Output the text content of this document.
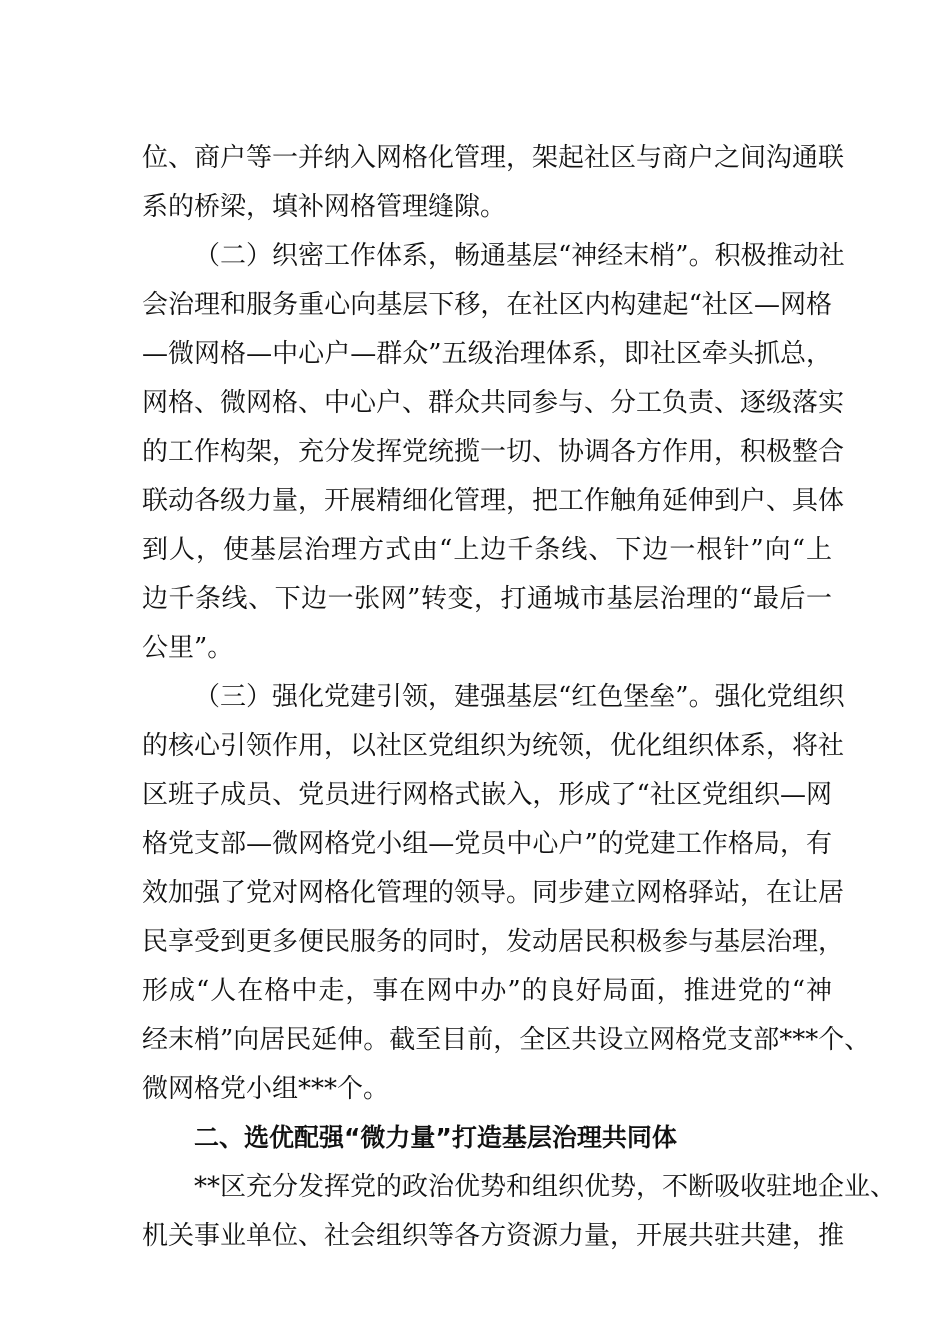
位、商户等一并纳入网格化管理，架起社区与商户之间沟通联
系的桥梁，填补网格管理缝隙。
（二）织密工作体系，畅通基层“神经末梢”。积极推动社
会治理和服务重心向基层下移，在社区内构建起“社区—网格
—微网格—中心户—群众”五级治理体系，即社区牵头抓总，
网格、微网格、中心户、群众共同参与、分工负责、逐级落实
的工作构架，充分发挥党统揽一切、协调各方作用，积极整合
联动各级力量，开展精细化管理，把工作触角延伸到户、具体
到人，使基层治理方式由“上边千条线、下边一根针”向“上
边千条线、下边一张网”转变，打通城市基层治理的“最后一
公里”。
（三）强化党建引领，建强基层“红色堡垒”。强化党组织
的核心引领作用，以社区党组织为统领，优化组织体系，将社
区班子成员、党员进行网格式嵌入，形成了“社区党组织—网
格党支部—微网格党小组—党员中心户”的党建工作格局，有
效加强了党对网格化管理的领导。同步建立网格驿站，在让居
民享受到更多便民服务的同时，发动居民积极参与基层治理，
形成“人在格中走，事在网中办”的良好局面，推进党的“神
经末梢”向居民延伸。截至目前，全区共设立网格党支部***个、
微网格党小组***个。
二、选优配强“微力量”打造基层治理共同体
**区充分发挥党的政治优势和组织优势，不断吸收驻地企业、
机关事业单位、社会组织等各方资源力量，开展共驻共建，推
